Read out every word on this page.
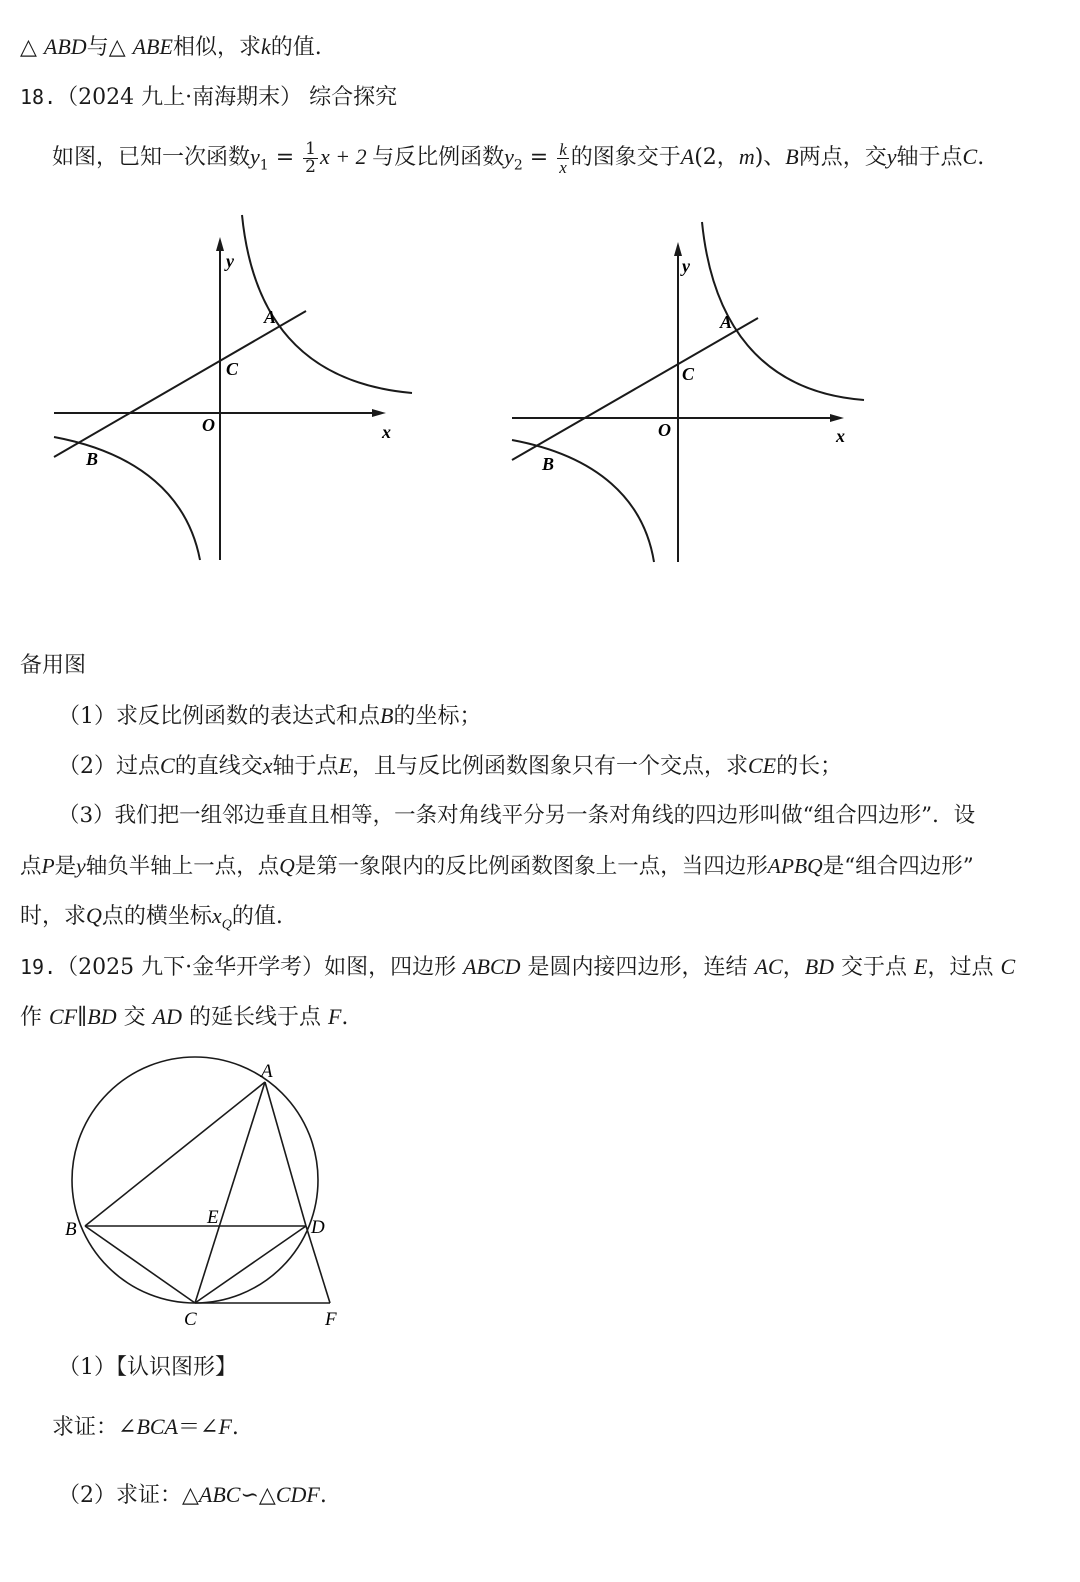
△ ABD与△ ABE相似，求k的值.
18.（2024 九上·南海期末） 综合探究
如图，已知一次函数$y_1 = \frac{1}{2}$ x + 2 与反比例函数$y_2 = \frac{k}{x}$ 的图象交于A(2，m)、B两点，交y轴于点C.
y
x
A
C
O
B
y
x
A
C
O
B
备用图
（1）求反比例函数的表达式和点B的坐标；
（2）过点C的直线交x轴于点E，且与反比例函数图象只有一个交点，求CE的长；
（3）我们把一组邻边垂直且相等，一条对角线平分另一条对角线的四边形叫做“组合四边形”．设
点P是y轴负半轴上一点，点Q是第一象限内的反比例函数图象上一点，当四边形APBQ是“组合四边形”
时，求Q点的横坐标$x_Q$的值.
19.（2025 九下·金华开学考）如图，四边形 ABCD 是圆内接四边形，连结 AC，BD 交于点 E，过点 C
作 CF∥BD 交 AD 的延长线于点 F.
A
B
C
D
E
F
（1）【认识图形】
求证：∠BCA＝∠F.
（2）求证：△ABC∽△CDF.
